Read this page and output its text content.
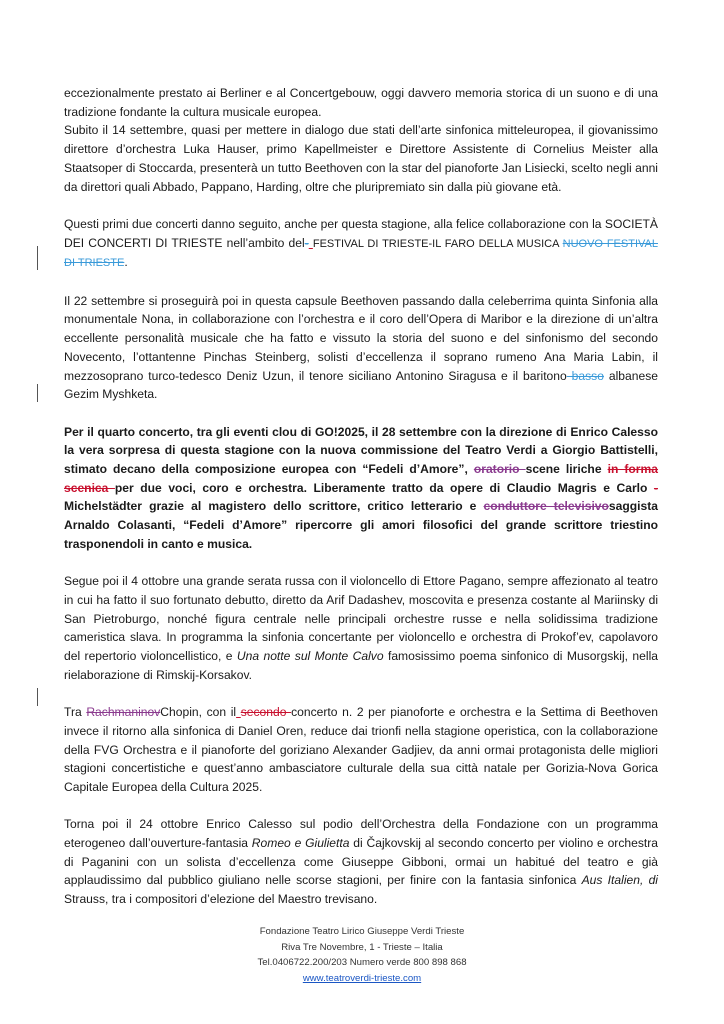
eccezionalmente prestato ai Berliner e al Concertgebouw, oggi davvero memoria storica di un suono e di una tradizione fondante la cultura musicale europea.
Subito il 14 settembre, quasi per mettere in dialogo due stati dell’arte sinfonica mitteleuropea, il giovanissimo direttore d’orchestra Luka Hauser, primo Kapellmeister e Direttore Assistente di Cornelius Meister alla Staatsoper di Stoccarda, presenterà un tutto Beethoven con la star del pianoforte Jan Lisiecki, scelto negli anni da direttori quali Abbado, Pappano, Harding, oltre che pluripremiato sin dalla più giovane età.

Questi primi due concerti danno seguito, anche per questa stagione, alla felice collaborazione con la SOCIETÀ DEI CONCERTI DI TRIESTE nell’ambito del- FESTIVAL DI TRIESTE-IL FARO DELLA MUSICA NUOVO FESTIVAL DI TRIESTE.

Il 22 settembre si proseguirà poi in questa capsule Beethoven passando dalla celeberrima quinta Sinfonia alla monumentale Nona, in collaborazione con l’orchestra e il coro dell’Opera di Maribor e la direzione di un’altra eccellente personalità musicale che ha fatto e vissuto la storia del suono e del sinfonismo del secondo Novecento, l’ottantenne Pinchas Steinberg, solisti d’eccellenza il soprano rumeno Ana Maria Labin, il mezzosoprano turco-tedesco Deniz Uzun, il tenore siciliano Antonino Siragusa e il baritono basso albanese Gezim Myshketa.

Per il quarto concerto, tra gli eventi clou di GO!2025, il 28 settembre con la direzione di Enrico Calesso la vera sorpresa di questa stagione con la nuova commissione del Teatro Verdi a Giorgio Battistelli, stimato decano della composizione europea con “Fedeli d’Amore”, oratorio scene liriche in forma scenica per due voci, coro e orchestra. Liberamente tratto da opere di Claudio Magris e Carlo -Michelstädter grazie al magistero dello scrittore, critico letterario e conduttore televisivosaggista Arnaldo Colasanti, “Fedeli d’Amore” ripercorre gli amori filosofici del grande scrittore triestino trasponendoli in canto e musica.

Segue poi il 4 ottobre una grande serata russa con il violoncello di Ettore Pagano, sempre affezionato al teatro in cui ha fatto il suo fortunato debutto, diretto da Arif Dadashev, moscovita e presenza costante al Mariinsky di San Pietroburgo, nonché figura centrale nelle principali orchestre russe e nella solidissima tradizione cameristica slava. In programma la sinfonia concertante per violoncello e orchestra di Prokof’ev, capolavoro del repertorio violoncellistico, e Una notte sul Monte Calvo famosissimo poema sinfonico di Musorgskij, nella rielaborazione di Rimskij-Korsakov.

Tra RachmaninovChopin, con il secondo concerto n. 2 per pianoforte e orchestra e la Settima di Beethoven invece il ritorno alla sinfonica di Daniel Oren, reduce dai trionfi nella stagione operistica, con la collaborazione della FVG Orchestra e il pianoforte del goriziano Alexander Gadjiev, da anni ormai protagonista delle migliori stagioni concertistiche e quest’anno ambasciatore culturale della sua città natale per Gorizia-Nova Gorica Capitale Europea della Cultura 2025.

Torna poi il 24 ottobre Enrico Calesso sul podio dell’Orchestra della Fondazione con un programma eterogeneo dall’ouverture-fantasia Romeo e Giulietta di Čajkovskij al secondo concerto per violino e orchestra di Paganini con un solista d’eccellenza come Giuseppe Gibboni, ormai un habitué del teatro e già applaudissimo dal pubblico giuliano nelle scorse stagioni, per finire con la fantasia sinfonica Aus Italien, di Strauss, tra i compositori d’elezione del Maestro trevisano.

Fondazione Teatro Lirico Giuseppe Verdi Trieste
Riva Tre Novembre, 1 - Trieste – Italia
Tel.0406722.200/203 Numero verde 800 898 868
www.teatroverdi-trieste.com
